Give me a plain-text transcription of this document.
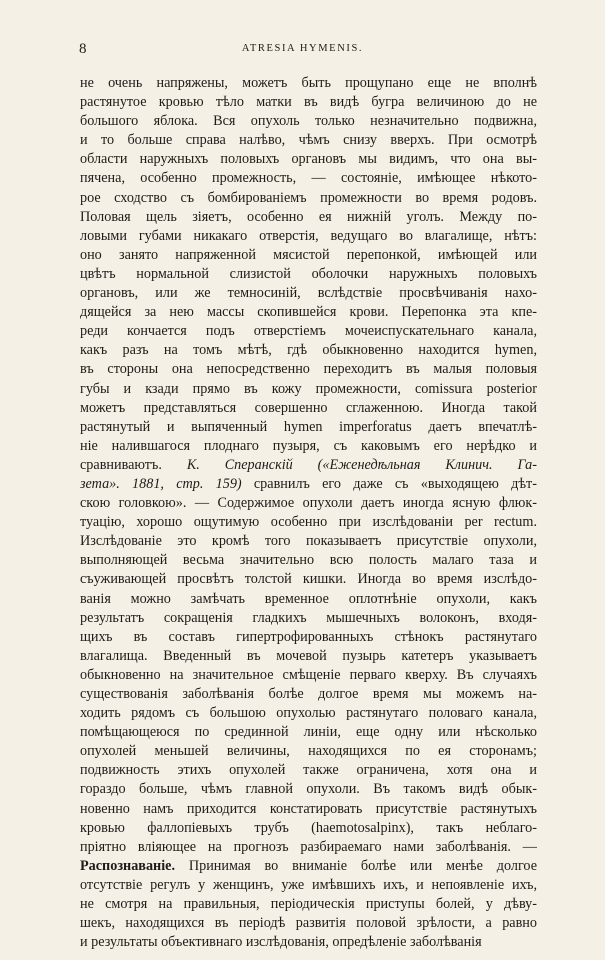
8	ATRESIA HYMENIS.
не очень напряжены, можетъ быть прощупано еще не вполнѣ
растянутое кровью тѣло матки въ видѣ бугра величиною до не
большого яблока. Вся опухоль только незначительно подвижна,
и то больше справа налѣво, чѣмъ снизу вверхъ. При осмотрѣ
области наружныхъ половыхъ органовъ мы видимъ, что она вы-
пячена, особенно промежность, — состояніе, имѣющее нѣкото-
рое сходство съ бомбированіемъ промежности во время родовъ.
Половая щель зіяетъ, особенно ея нижній уголъ. Между по-
ловыми губами никакаго отверстія, ведущаго во влагалище, нѣтъ:
оно занято напряженной мясистой перепонкой, имѣющей или
цвѣтъ нормальной слизистой оболочки наружныхъ половыхъ
органовъ, или же темносиній, вслѣдствіе просвѣчиванія нахо-
дящейся за нею массы скопившейся крови. Перепонка эта кпе-
реди кончается подъ отверстіемъ мочеиспускательнаго канала,
какъ разъ на томъ мѣтѣ, гдѣ обыкновенно находится hymen,
въ стороны она непосредственно переходитъ въ малыя половыя
губы и кзади прямо въ кожу промежности, comissura posterior
можетъ представляться совершенно сглаженною. Иногда такой
растянутый и выпяченный hymen imperforatus даетъ впечатлѣ-
ніе налившагося плоднаго пузыря, съ каковымъ его нерѣдко и
сравниваютъ. К. Сперанскій («Еженедѣльная Клинич. Га-
зета». 1881, стр. 159) сравнилъ его даже съ «выходящею дѣт-
скою головкою». — Содержимое опухоли даетъ иногда ясную флюк-
туацію, хорошо ощутимую особенно при изслѣдованіи per rectum.
Изслѣдованіе это кромѣ того показываетъ присутствіе опухоли,
выполняющей весьма значительно всю полость малаго таза и
съуживающей просвѣтъ толстой кишки. Иногда во время изслѣдо-
ванія можно замѣчать временное оплотнѣніе опухоли, какъ
результатъ сокращенія гладкихъ мышечныхъ волоконъ, входя-
щихъ въ составъ гипертрофированныхъ стѣнокъ растянутаго
влагалища. Введенный въ мочевой пузырь катетеръ указываетъ
обыкновенно на значительное смѣщеніе перваго кверху. Въ случаяхъ
существованія заболѣванія болѣе долгое время мы можемъ на-
ходить рядомъ съ большою опухолью растянутаго половаго канала,
помѣщающеюся по срединной линіи, еще одну или нѣсколько
опухолей меньшей величины, находящихся по ея сторонамъ;
подвижность этихъ опухолей также ограничена, хотя она и
гораздо больше, чѣмъ главной опухоли. Въ такомъ видѣ обык-
новенно намъ приходится констатировать присутствіе растянутыхъ
кровью фаллопіевыхъ трубъ (haemotosalpinx), такъ неблаго-
пріятно вліяющее на прогнозъ разбираемаго нами заболѣванія. —
Распознаваніе. Принимая во вниманіе болѣе или менѣе долгое
отсутствіе регулъ у женщинъ, уже имѣвшихъ ихъ, и непоявленіе ихъ,
не смотря на правильныя, періодическія приступы болей, у дѣву-
шекъ, находящихся въ періодѣ развитія половой зрѣлости, а равно
и результаты объективнаго изслѣдованія, опредѣленіе заболѣванія
